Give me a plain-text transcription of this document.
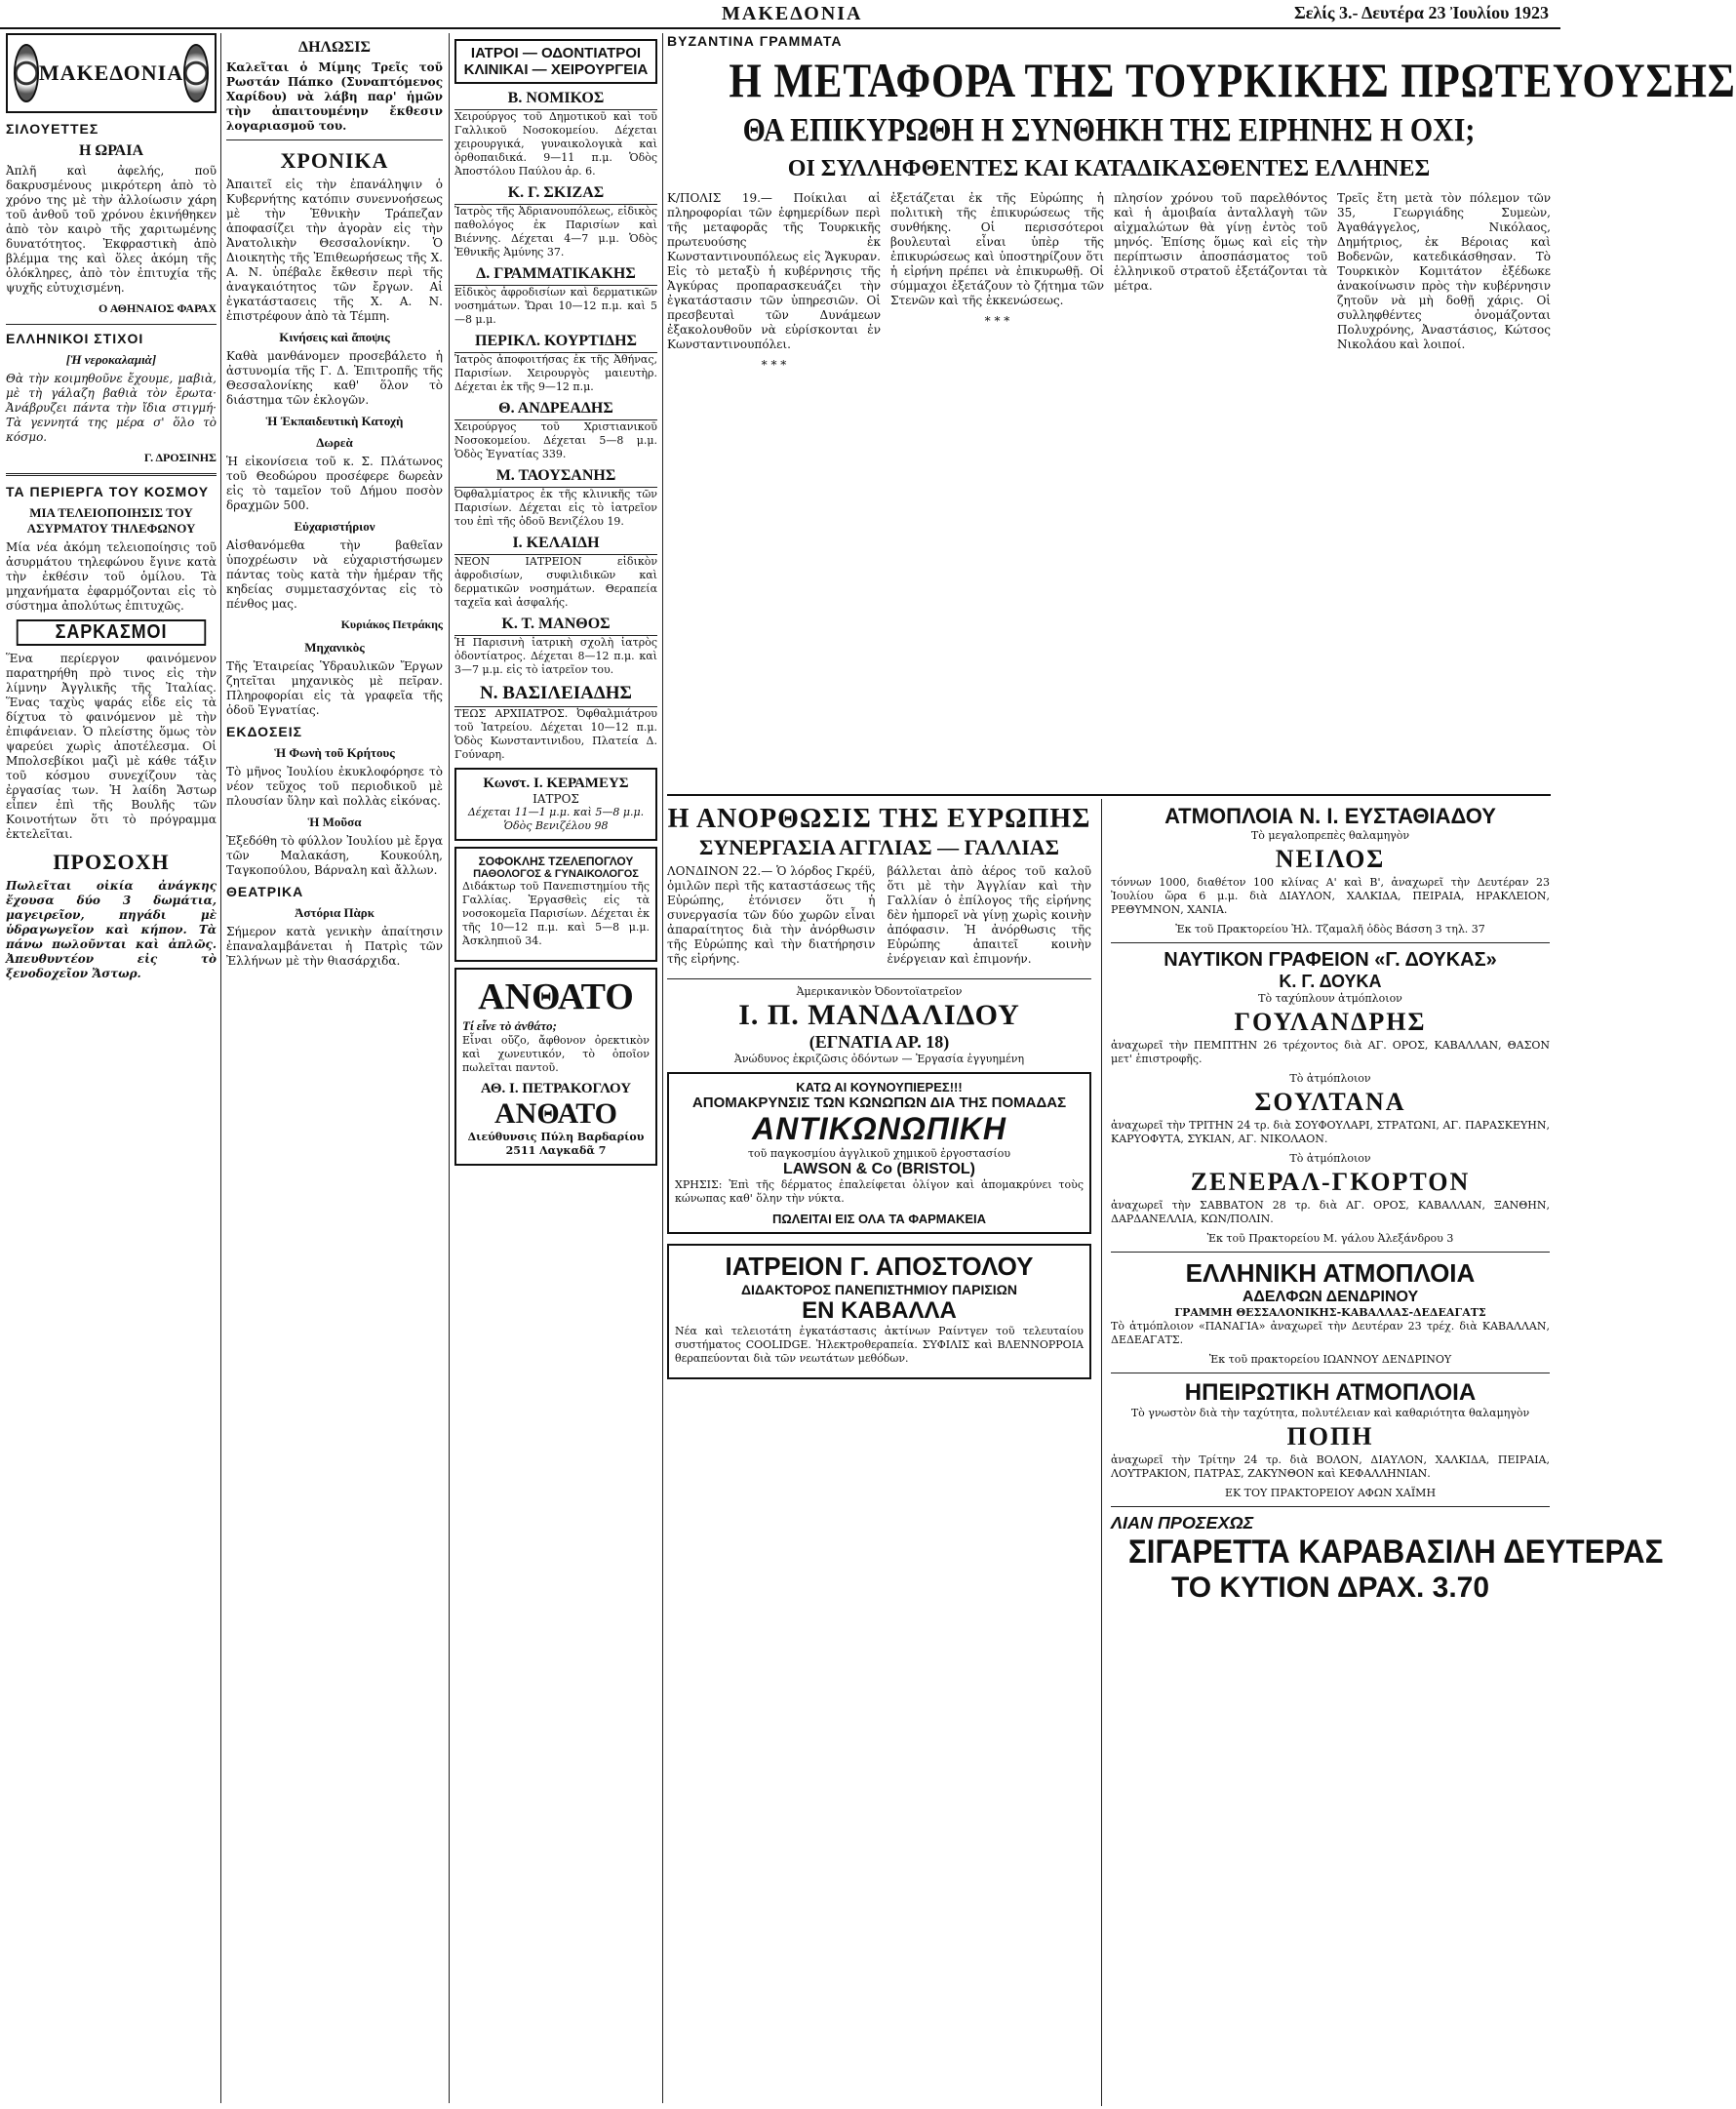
ΜΑΚΕΔΟΝΙΑ	Σελίς 3.- Δευτέρα 23 Ἰουλίου 1923
ΜΑΚΕΔΟΝΙΑ
ΣΙΛΟΥΕΤΤΕΣ
Η ΩΡΑΙΑ

Ἀπλῆ καὶ ἀφελής, ποῦ δακρυσμένους μικρότερη ἀπὸ τὸ χρόνο της μὲ τὴν ἀλλοίωσιν χάρη τοῦ ἀνθοῦ τοῦ χρόνου ἐκινήθηκεν ἀπὸ τὸν καιρὸ τῆς χαριτωμένης δυνατότητος. Ἐκφραστικὴ ἀπὸ βλέμμα της καὶ ὅλες ἀκόμη τῆς ὁλόκληρες, ἀπὸ τὸν ἐπιτυχία τῆς ψυχῆς εὐτυχισμένη.

Ο ΑΘΗΝΑΙΟΣ ΦΑΡΑΧ
ΕΛΛΗΝΙΚΟΙ ΣΤΙΧΟΙ
[Ἡ νεροκαλαμιὰ]

Θὰ τὴν κοιμηθοῦνε ἔχουμε, μαβιὰ, μὲ τὴ γάλαζη βαθιὰ τὸν ἔρωτα· Ἀνάβρυζει πάντα τὴν ἴδια στιγμή· Τὰ γεννητά της μέρα σ' ὅλο τὸ κόσμο.

Γ. ΔΡΟΣΙΝΗΣ
ΤΑ ΠΕΡΙΕΡΓΑ ΤΟΥ ΚΟΣΜΟΥ
ΜΙΑ ΤΕΛΕΙΟΠΟΙΗΣΙΣ ΤΟΥ ΑΣΥΡΜΑΤΟΥ ΤΗΛΕΦΩΝΟΥ

Μία νέα ἀκόμη τελειοποίησις τοῦ ἀσυρμάτου τηλεφώνου ἔγινε κατὰ τὴν ἐκθέσιν τοῦ ὁμίλου. Τὰ μηχανήματα ἐφαρμόζονται εἰς τὸ σύστημα ἀπολύτως ἐπιτυχῶς.

ΣΑΡΚΑΣΜΟΙ

Ἕνα περίεργον φαινόμενον παρατηρήθη πρὸ τινος εἰς τὴν λίμνην Ἀγγλικῆς τῆς Ἰταλίας. Ἕνας ταχὺς ψαράς εἶδε εἰς τὰ δίχτυα τὸ φαινόμενον μὲ τὴν ἐπιφάνειαν. Ὁ πλείστης ὅμως τὸν ψαρεύει χωρὶς ἀποτέλεσμα. Οἱ Μπολσεβίκοι μαζὶ μὲ κάθε τάξιν τοῦ κόσμου συνεχίζουν τὰς ἐργασίας των. Ἡ λαίδη Ἄστωρ εἶπεν ἐπὶ τῆς Βουλῆς τῶν Κοινοτήτων ὅτι τὸ πρόγραμμα ἐκτελεῖται.

ΠΡΟΣΟΧΗ

Πωλεῖται οἰκία ἀνάγκης ἔχουσα δύο 3 δωμάτια, μαγειρεῖον, πηγάδι μὲ ὑδραγωγεῖον καὶ κήπον. Τὰ πάνω πωλοῦνται καὶ ἀπλῶς. Ἀπευθυντέον εἰς τὸ ξενοδοχεῖον Ἄστωρ.

ΔΗΛΩΣΙΣ

Καλεῖται ὁ Μίμης Τρεῖς τοῦ Ρωστάν Πάπκο (Συναπτόμενος Χαρίδου) νὰ λάβη παρ' ἡμῶν τὴν ἀπαιτουμένην ἔκθεσιν λογαριασμοῦ του.

ΧΡΟΝΙΚΑ

Ἀπαιτεῖ εἰς τὴν ἐπανάληψιν ὁ Κυβερνήτης κατόπιν συνεννοήσεως μὲ τὴν Ἑθνικὴν Τράπεζαν ἀποφασίζει τὴν ἀγορὰν εἰς τὴν Ἀνατολικὴν Θεσσαλονίκην. Ὁ Διοικητὴς τῆς Ἐπιθεωρήσεως τῆς Χ. Α. Ν. ὑπέβαλε ἔκθεσιν περὶ τῆς ἀναγκαιότητος τῶν ἔργων. Αἱ ἐγκατάστασεις τῆς Χ. Α. Ν. ἐπιστρέφουν ἀπὸ τὰ Τέμπη.

Κινήσεις καὶ ἄποψις

Καθὰ μανθάνομεν προσεβάλετο ἡ ἀστυνομία τῆς Γ. Δ. Ἐπιτροπῆς τῆς Θεσσαλονίκης καθ' ὅλον τὸ διάστημα τῶν ἐκλογῶν.

Ἡ Ἐκπαιδευτικὴ Κατοχὴ
Δωρεὰ

Ἡ εἰκονίσεια τοῦ κ. Σ. Πλάτωνος τοῦ Θεοδώρου προσέφερε δωρεὰν εἰς τὸ ταμεῖον τοῦ Δήμου ποσὸν δραχμῶν 500.

Εὐχαριστήριον

Αἰσθανόμεθα τὴν βαθεῖαν ὑποχρέωσιν νὰ εὐχαριστήσωμεν πάντας τοὺς κατὰ τὴν ἡμέραν τῆς κηδείας συμμετασχόντας εἰς τὸ πένθος μας.

Κυριάκος Πετράκης
Μηχανικὸς

Τῆς Ἑταιρείας Ὑδραυλικῶν Ἔργων ζητεῖται μηχανικὸς μὲ πεῖραν. Πληροφορίαι εἰς τὰ γραφεῖα τῆς ὁδοῦ Ἐγνατίας.

ΕΚΔΟΣΕΙΣ
Ἡ Φωνὴ τοῦ Κρήτους

Τὸ μῆνος Ἰουλίου ἐκυκλοφόρησε τὸ νέον τεῦχος τοῦ περιοδικοῦ μὲ πλουσίαν ὕλην καὶ πολλὰς εἰκόνας.

Ἡ Μοῦσα

Ἐξεδόθη τὸ φύλλον Ἰουλίου μὲ ἔργα τῶν Μαλακάση, Κουκούλη, Ταγκοπούλου, Βάρναλη καὶ ἄλλων.

ΘΕΑΤΡΙΚΑ
Ἀστόρια Πὰρκ

Σήμερον κατὰ γενικὴν ἀπαίτησιν ἐπαναλαμβάνεται ἡ Πατρὶς τῶν Ἐλλήνων μὲ τὴν θιασάρχιδα.

ΙΑΤΡΟΙ — ΟΔΟΝΤΙΑΤΡΟΙ ΚΛΙΝΙΚΑΙ — ΧΕΙΡΟΥΡΓΕΙΑ
Β. ΝΟΜΙΚΟΣ

Χειρούργος τοῦ Δημοτικοῦ καὶ τοῦ Γαλλικοῦ Νοσοκομείου. Δέχεται χειρουργικά, γυναικολογικὰ καὶ ὀρθοπαιδικά. 9—11 π.μ. Ὁδὸς Ἀποστόλου Παύλου ἀρ. 6.

Κ. Γ. ΣΚΙΖΑΣ

Ἰατρὸς τῆς Ἀδριανουπόλεως, εἰδικὸς παθολόγος ἐκ Παρισίων καὶ Βιέννης. Δέχεται 4—7 μ.μ. Ὁδὸς Ἐθνικῆς Ἀμύνης 37.

Δ. ΓΡΑΜΜΑΤΙΚΑΚΗΣ

Εἰδικὸς ἀφροδισίων καὶ δερματικῶν νοσημάτων. Ὥραι 10—12 π.μ. καὶ 5—8 μ.μ.

ΠΕΡΙΚΛ. ΚΟΥΡΤΙΔΗΣ

Ἰατρὸς ἀποφοιτήσας ἐκ τῆς Ἀθήνας, Παρισίων. Χειρουργὸς μαιευτὴρ. Δέχεται ἐκ τῆς 9—12 π.μ.

Θ. ΑΝΔΡΕΑΔΗΣ

Χειρούργος τοῦ Χριστιανικοῦ Νοσοκομείου. Δέχεται 5—8 μ.μ. Ὁδὸς Ἐγνατίας 339.

Μ. ΤΑΟΥΣΑΝΗΣ

Ὀφθαλμίατρος ἐκ τῆς κλινικῆς τῶν Παρισίων. Δέχεται εἰς τὸ ἰατρεῖον του ἐπὶ τῆς ὁδοῦ Βενιζέλου 19.

Ι. ΚΕΛΑΙΔΗ

ΝΕΟΝ ΙΑΤΡΕΙΟΝ εἰδικὸν ἀφροδισίων, συφιλιδικῶν καὶ δερματικῶν νοσημάτων. Θεραπεία ταχεῖα καὶ ἀσφαλής.

Κ. Τ. ΜΑΝΘΟΣ

Ἡ Παρισινὴ ἰατρικὴ σχολὴ ἰατρὸς ὀδοντίατρος. Δέχεται 8—12 π.μ. καὶ 3—7 μ.μ. εἰς τὸ ἰατρεῖον του.

Ν. ΒΑΣΙΛΕΙΑΔΗΣ

ΤΕΩΣ ΑΡΧΙΙΑΤΡΟΣ. Ὀφθαλμιάτρου τοῦ Ἰατρείου. Δέχεται 10—12 π.μ. Ὁδὸς Κωνσταντινιδου, Πλατεία Δ. Γούναρη.

Κωνστ. Ι. ΚΕΡΑΜΕΥΣ
ΙΑΤΡΟΣ
Δέχεται 11—1 μ.μ. καὶ 5—8 μ.μ. Ὁδὸς Βενιζέλου 98
ΣΟΦΟΚΛΗΣ ΤΖΕΛΕΠΟΓΛΟΥ
ΠΑΘΟΛΟΓΟΣ & ΓΥΝΑΙΚΟΛΟΓΟΣ

Διδάκτωρ τοῦ Πανεπιστημίου τῆς Γαλλίας. Ἐργασθεὶς εἰς τὰ νοσοκομεῖα Παρισίων. Δέχεται ἐκ τῆς 10—12 π.μ. καὶ 5—8 μ.μ. Ἀσκληπιοῦ 34.

ΑΝΘΑΤΟ
Τί εἶνε τὸ ἀνθάτο;

Εἶναι οὔζο, ἄφθονον ὀρεκτικὸν καὶ χωνευτικόν, τὸ ὁποῖον πωλεῖται παντοῦ.

ΑΘ. Ι. ΠΕΤΡΑΚΟΓΛΟΥ
ΑΝΘΑΤΟ
Διεύθυνσις Πύλη Βαρδαρίου 2511 Λαγκαδᾶ 7
ΒΥΖΑΝΤΙΝΑ ΓΡΑΜΜΑΤΑ
Η ΜΕΤΑΦΟΡΑ ΤΗΣ ΤΟΥΡΚΙΚΗΣ ΠΡΩΤΕΥΟΥΣΗΣ
ΘΑ ΕΠΙΚΥΡΩΘΗ Η ΣΥΝΘΗΚΗ ΤΗΣ ΕΙΡΗΝΗΣ Η ΟΧΙ;
ΟΙ ΣΥΛΛΗΦΘΕΝΤΕΣ ΚΑΙ ΚΑΤΑΔΙΚΑΣΘΕΝΤΕΣ ΕΛΛΗΝΕΣ

Κ/ΠΟΛΙΣ 19.— Ποίκιλαι αἱ πληροφορίαι τῶν ἐφημερίδων περὶ τῆς μεταφορᾶς τῆς Τουρκικῆς πρωτευούσης ἐκ Κωνσταντινουπόλεως εἰς Ἄγκυραν. Εἰς τὸ μεταξὺ ἡ κυβέρνησις τῆς Ἀγκύρας προπαρασκευάζει τὴν ἐγκατάστασιν τῶν ὑπηρεσιῶν. Οἱ πρεσβευταὶ τῶν Δυνάμεων ἐξακολουθοῦν νὰ εὑρίσκονται ἐν Κωνσταντινουπόλει.

* * *

ἐξετάζεται ἐκ τῆς Εὐρώπης ἡ πολιτικὴ τῆς ἐπικυρώσεως τῆς συνθήκης. Οἱ περισσότεροι βουλευταὶ εἶναι ὑπὲρ τῆς ἐπικυρώσεως καὶ ὑποστηρίζουν ὅτι ἡ εἰρήνη πρέπει νὰ ἐπικυρωθῇ. Οἱ σύμμαχοι ἐξετάζουν τὸ ζήτημα τῶν Στενῶν καὶ τῆς ἐκκενώσεως.

* * *

πλησίον χρόνου τοῦ παρελθόντος καὶ ἡ ἀμοιβαία ἀνταλλαγὴ τῶν αἰχμαλώτων θὰ γίνῃ ἐντὸς τοῦ μηνός. Ἐπίσης ὅμως καὶ εἰς τὴν περίπτωσιν ἀποσπάσματος τοῦ ἑλληνικοῦ στρατοῦ ἐξετάζονται τὰ μέτρα.

Τρεῖς ἔτη μετὰ τὸν πόλεμον τῶν 35, Γεωργιάδης Συμεὼν, Ἀγαθάγγελος, Νικόλαος, Δημήτριος, ἐκ Βέροιας καὶ Βοδενῶν, κατεδικάσθησαν. Τὸ Τουρκικὸν Κομιτάτον ἐξέδωκε ἀνακοίνωσιν πρὸς τὴν κυβέρνησιν ζητοῦν νὰ μὴ δοθῇ χάρις. Οἱ συλληφθέντες ὀνομάζονται Πολυχρόνης, Ἀναστάσιος, Κώτσος Νικολάου καὶ λοιποί.

Η ΑΝΟΡΘΩΣΙΣ ΤΗΣ ΕΥΡΩΠΗΣ
ΣΥΝΕΡΓΑΣΙΑ ΑΓΓΛΙΑΣ — ΓΑΛΛΙΑΣ

ΛΟΝΔΙΝΟΝ 22.— Ὁ λόρδος Γκρέϋ, ὁμιλῶν περὶ τῆς καταστάσεως τῆς Εὐρώπης, ἐτόνισεν ὅτι ἡ συνεργασία τῶν δύο χωρῶν εἶναι ἀπαραίτητος διὰ τὴν ἀνόρθωσιν τῆς Εὐρώπης καὶ τὴν διατήρησιν τῆς εἰρήνης.

βάλλεται ἀπὸ ἀέρος τοῦ καλοῦ ὅτι μὲ τὴν Ἀγγλίαν καὶ τὴν Γαλλίαν ὁ ἐπίλογος τῆς εἰρήνης δὲν ἠμπορεῖ νὰ γίνῃ χωρὶς κοινὴν ἀπόφασιν. Ἡ ἀνόρθωσις τῆς Εὐρώπης ἀπαιτεῖ κοινὴν ἐνέργειαν καὶ ἐπιμονήν.

Ἀμερικανικὸν Ὀδοντοϊατρεῖον
Ι. Π. ΜΑΝΔΑΛΙΔΟΥ
(ΕΓΝΑΤΙΑ ΑΡ. 18)
Ἀνώδυνος ἐκριζῶσις ὀδόντων — Ἐργασία ἐγγυημένη
ΚΑΤΩ ΑΙ ΚΟΥΝΟΥΠΙΕΡΕΣ!!!
ΑΠΟΜΑΚΡΥΝΣΙΣ ΤΩΝ ΚΩΝΩΠΩΝ ΔΙΑ ΤΗΣ ΠΟΜΑΔΑΣ
ΑΝΤΙΚΩΝΩΠΙΚΗ
τοῦ παγκοσμίου ἀγγλικοῦ χημικοῦ ἐργοστασίου
LAWSON & Co (BRISTOL)

ΧΡΗΣΙΣ: Ἐπὶ τῆς δέρματος ἐπαλείφεται ὀλίγον καὶ ἀπομακρύνει τοὺς κώνωπας καθ' ὅλην τὴν νύκτα.

ΠΩΛΕΙΤΑΙ ΕΙΣ ΟΛΑ ΤΑ ΦΑΡΜΑΚΕΙΑ
ΙΑΤΡΕΙΟΝ Γ. ΑΠΟΣΤΟΛΟΥ
ΔΙΔΑΚΤΟΡΟΣ ΠΑΝΕΠΙΣΤΗΜΙΟΥ ΠΑΡΙΣΙΩΝ
ΕΝ ΚΑΒΑΛΛΑ

Νέα καὶ τελειοτάτη ἐγκατάστασις ἀκτίνων Ραίντγεν τοῦ τελευταίου συστήματος COOLIDGE. Ἠλεκτροθεραπεία. ΣΥΦΙΛΙΣ καὶ ΒΛΕΝΝΟΡΡΟΙΑ θεραπεύονται διὰ τῶν νεωτάτων μεθόδων.

ΑΤΜΟΠΛΟΙΑ Ν. Ι. ΕΥΣΤΑΘΙΑΔΟΥ
Τὸ μεγαλοπρεπὲς θαλαμηγὸν
ΝΕΙΛΟΣ

τόννων 1000, διαθέτον 100 κλίνας Α' καὶ Β', ἀναχωρεῖ τὴν Δευτέραν 23 Ἰουλίου ὥρα 6 μ.μ. διὰ ΔΙΑΥΛΟΝ, ΧΑΛΚΙΔΑ, ΠΕΙΡΑΙΑ, ΗΡΑΚΛΕΙΟΝ, ΡΕΘΥΜΝΟΝ, ΧΑΝΙΑ.

Ἐκ τοῦ Πρακτορείου Ἠλ. Τζαμαλῆ ὁδὸς Βάσση 3 τηλ. 37
ΝΑΥΤΙΚΟΝ ΓΡΑΦΕΙΟΝ «Γ. ΔΟΥΚΑΣ»
Κ. Γ. ΔΟΥΚΑ
Τὸ ταχύπλουν ἀτμόπλοιον
ΓΟΥΛΑΝΔΡΗΣ

ἀναχωρεῖ τὴν ΠΕΜΠΤΗΝ 26 τρέχοντος διὰ ΑΓ. ΟΡΟΣ, ΚΑΒΑΛΛΑΝ, ΘΑΣΟΝ μετ' ἐπιστροφῆς.

Τὸ ἀτμόπλοιον
ΣΟΥΛΤΑΝΑ

ἀναχωρεῖ τὴν ΤΡΙΤΗΝ 24 τρ. διὰ ΣΟΥΦΟΥΛΑΡΙ, ΣΤΡΑΤΩΝΙ, ΑΓ. ΠΑΡΑΣΚΕΥΗΝ, ΚΑΡΥΟΦΥΤΑ, ΣΥΚΙΑΝ, ΑΓ. ΝΙΚΟΛΑΟΝ.

Τὸ ἀτμόπλοιον
ΖΕΝΕΡΑΛ-ΓΚΟΡΤΟΝ

ἀναχωρεῖ τὴν ΣΑΒΒΑΤΟΝ 28 τρ. διὰ ΑΓ. ΟΡΟΣ, ΚΑΒΑΛΛΑΝ, ΞΑΝΘΗΝ, ΔΑΡΔΑΝΕΛΛΙΑ, ΚΩΝ/ΠΟΛΙΝ.

Ἐκ τοῦ Πρακτορείου Μ. γάλου Ἀλεξάνδρου 3
ΕΛΛΗΝΙΚΗ ΑΤΜΟΠΛΟΙΑ
ΑΔΕΛΦΩΝ ΔΕΝΔΡΙΝΟΥ
ΓΡΑΜΜΗ ΘΕΣΣΑΛΟΝΙΚΗΣ-ΚΑΒΑΛΛΑΣ-ΔΕΔΕΑΓΑΤΣ

Τὸ ἀτμόπλοιον «ΠΑΝΑΓΙΑ» ἀναχωρεῖ τὴν Δευτέραν 23 τρέχ. διὰ ΚΑΒΑΛΛΑΝ, ΔΕΔΕΑΓΑΤΣ.

Ἐκ τοῦ πρακτορείου ΙΩΑΝΝΟΥ ΔΕΝΔΡΙΝΟΥ
ΗΠΕΙΡΩΤΙΚΗ ΑΤΜΟΠΛΟΙΑ
Τὸ γνωστὸν διὰ τὴν ταχύτητα, πολυτέλειαν καὶ καθαριότητα θαλαμηγὸν
ΠΟΠΗ

ἀναχωρεῖ τὴν Τρίτην 24 τρ. διὰ ΒΟΛΟΝ, ΔΙΑΥΛΟΝ, ΧΑΛΚΙΔΑ, ΠΕΙΡΑΙΑ, ΛΟΥΤΡΑΚΙΟΝ, ΠΑΤΡΑΣ, ΖΑΚΥΝΘΟΝ καὶ ΚΕΦΑΛΛΗΝΙΑΝ.

ΕΚ ΤΟΥ ΠΡΑΚΤΟΡΕΙΟΥ ΑΦΩΝ ΧΑΪΜΗ
ΛΙΑΝ ΠΡΟΣΕΧΩΣ
ΣΙΓΑΡΕΤΤΑ ΚΑΡΑΒΑΣΙΛΗ ΔΕΥΤΕΡΑΣ
ΤΟ ΚΥΤΙΟΝ ΔΡΑΧ. 3.70
